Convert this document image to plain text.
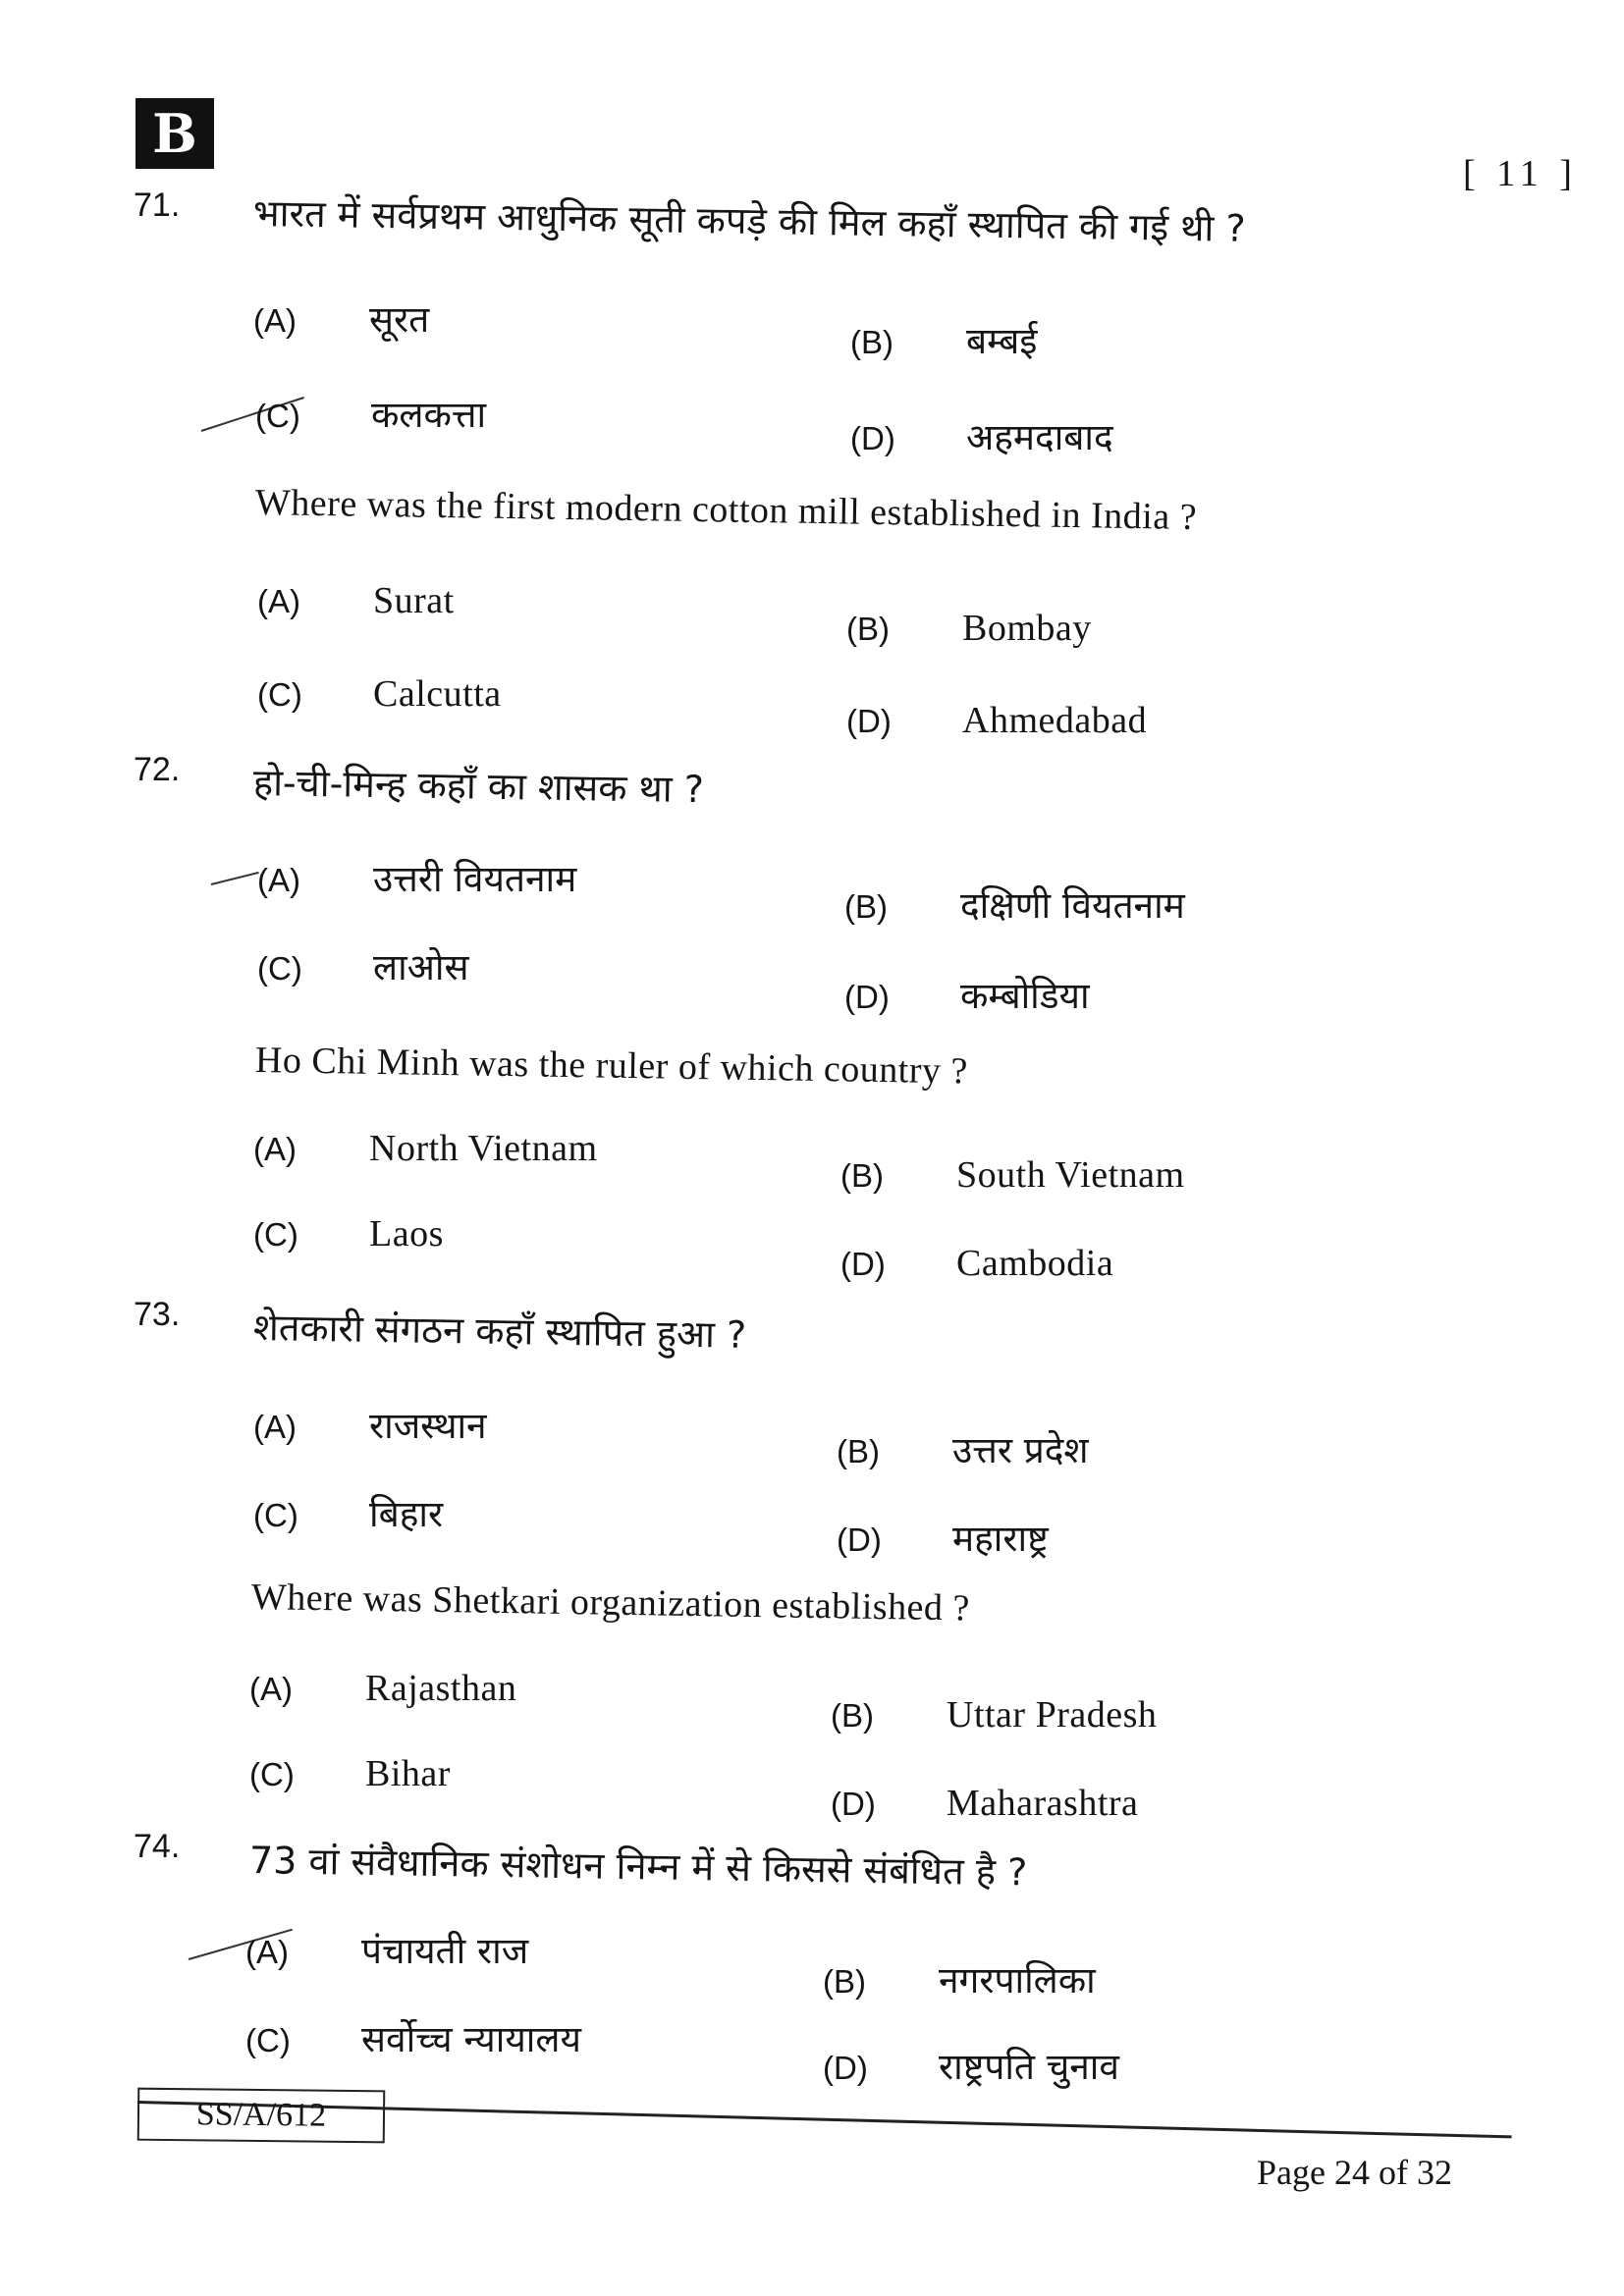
B
[ 11 ]
71. भारत में सर्वप्रथम आधुनिक सूती कपड़े की मिल कहाँ स्थापित की गई थी ?
(A)	सूरत
(B)	बम्बई
(C)	कलकत्ता
(D)	अहमदाबाद
Where was the first modern cotton mill established in India ?
(A)	Surat
(B)	Bombay
(C)	Calcutta
(D)	Ahmedabad
72. हो-ची-मिन्ह कहाँ का शासक था ?
(A)	उत्तरी वियतनाम
(B)	दक्षिणी वियतनाम
(C)	लाओस
(D)	कम्बोडिया
Ho Chi Minh was the ruler of which country ?
(A)	North Vietnam
(B)	South Vietnam
(C)	Laos
(D)	Cambodia
73. शेतकारी संगठन कहाँ स्थापित हुआ ?
(A)	राजस्थान
(B)	उत्तर प्रदेश
(C)	बिहार
(D)	महाराष्ट्र
Where was Shetkari organization established ?
(A)	Rajasthan
(B)	Uttar Pradesh
(C)	Bihar
(D)	Maharashtra
74. 73 वां संवैधानिक संशोधन निम्न में से किससे संबंधित है ?
(A)	पंचायती राज
(B)	नगरपालिका
(C)	सर्वोच्च न्यायालय
(D)	राष्ट्रपति चुनाव
SS/A/612
Page 24 of 32
